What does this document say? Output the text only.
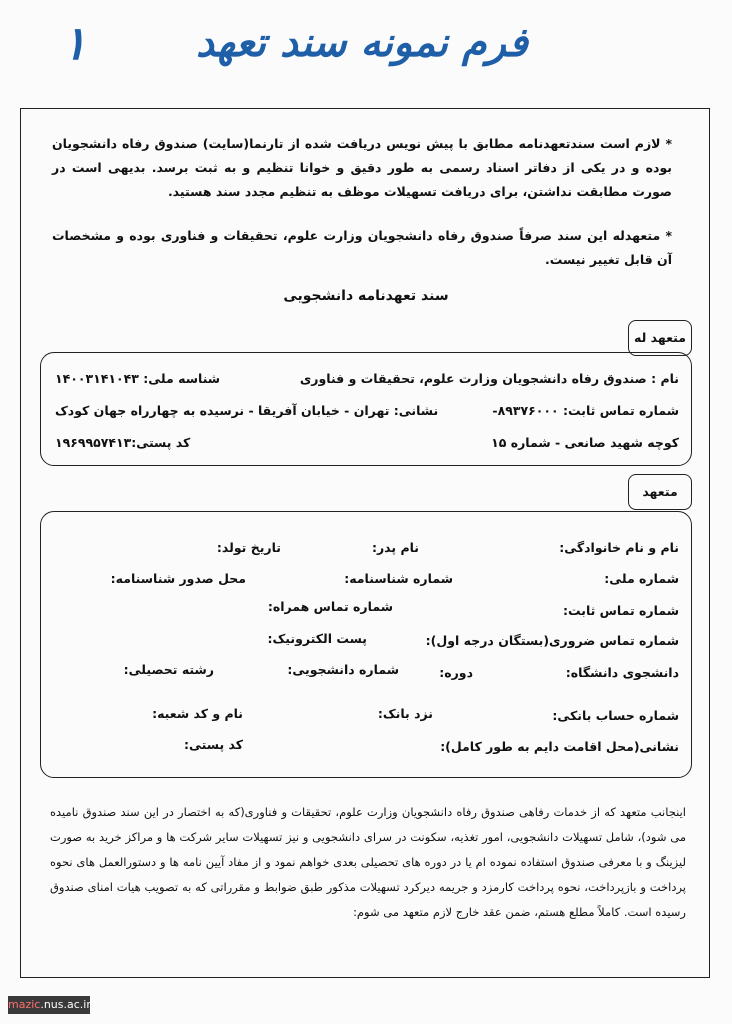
فرم نمونه سند تعهد
۱
* لازم است سندتعهدنامه مطابق با پیش نویس دریافت شده از تارنما(سایت) صندوق رفاه دانشجویان بوده و در یکی از دفاتر اسناد رسمی به طور دقیق و خوانا تنظیم و به ثبت برسد. بدیهی است در صورت مطابقت نداشتن، برای دریافت تسهیلات موظف به تنظیم مجدد سند هستید.
* متعهدله این سند صرفاً صندوق رفاه دانشجویان وزارت علوم، تحقیقات و فناوری بوده و مشخصات آن قابل تغییر نیست.
سند تعهدنامه دانشجویی
متعهد له
نام : صندوق رفاه دانشجویان وزارت علوم، تحقیقات و فناوری
شناسه ملی: ۱۴۰۰۳۱۴۱۰۴۳
شماره تماس ثابت: ۸۹۳۷۶۰۰۰-
نشانی: تهران - خیابان آفریقا - نرسیده به چهارراه جهان کودک
کوچه شهید صانعی - شماره ۱۵
کد پستی:۱۹۶۹۹۵۷۴۱۳
متعهد
نام و نام خانوادگی:
نام پدر:
تاریخ تولد:
شماره ملی:
شماره شناسنامه:
محل صدور شناسنامه:
شماره تماس ثابت:
شماره تماس همراه:
شماره تماس ضروری(بستگان درجه اول):
پست الکترونیک:
دانشجوی دانشگاه:
دوره:
شماره دانشجویی:
رشته تحصیلی:
شماره حساب بانکی:
نزد بانک:
نام و کد شعبه:
نشانی(محل اقامت دایم به طور کامل):
کد پستی:
اینجانب متعهد که از خدمات رفاهی صندوق رفاه دانشجویان وزارت علوم، تحقیقات و فناوری(که به اختصار در این سند صندوق نامیده می شود)، شامل تسهیلات دانشجویی، امور تغذیه، سکونت در سرای دانشجویی و نیز تسهیلات سایر شرکت ها و مراکز خرید به صورت لیزینگ و با معرفی صندوق استفاده نموده ام یا در دوره های تحصیلی بعدی خواهم نمود و از مفاد آیین نامه ها و دستورالعمل های نحوه پرداخت و بازپرداخت، نحوه پرداخت کارمزد و جریمه دیرکرد تسهیلات مذکور طبق ضوابط و مقرراتی که به تصویب هیات امنای صندوق رسیده است. کاملاً مطلع هستم، ضمن عقد خارج لازم متعهد می شوم:
mazic.nus.ac.ir
